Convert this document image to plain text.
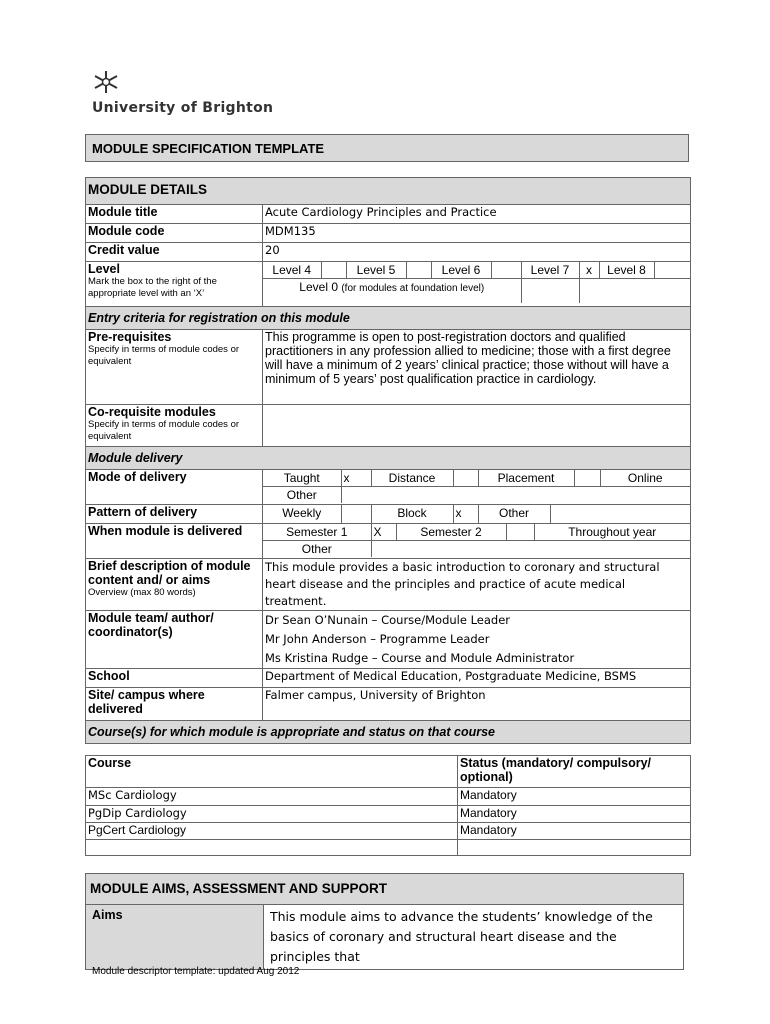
University of Brighton
MODULE SPECIFICATION TEMPLATE
MODULE DETAILS
Module title	Acute Cardiology Principles and Practice
Module code	MDM135
Credit value	20
Level
Mark the box to the right of the appropriate level with an ‘X’

Level 4		Level 5		Level 6		Level 7	x	Level 8	
Level 0 (for modules at foundation level)		

Entry criteria for registration on this module
Pre-requisites
Specify in terms of module codes or equivalent
	This programme is open to post-registration doctors and qualified practitioners in any profession allied to medicine; those with a first degree will have a minimum of 2 years’ clinical practice; those without will have a minimum of 5 years’ post qualification practice in cardiology.
Co-requisite modules
Specify in terms of module codes or equivalent

Module delivery
Mode of delivery		Taught	x	Distance		Placement		Online
Other	

Pattern of delivery		Weekly		Block	x	Other	

When module is delivered		Semester 1	X	Semester 2		Throughout year
Other	

Brief description of module content and/ or aims
Overview (max 80 words)
	This module provides a basic introduction to coronary and structural heart disease and the principles and practice of acute medical treatment.
Module team/ author/ coordinator(s)	
Dr Sean O’Nunain – Course/Module Leader
Mr John Anderson – Programme Leader
Ms Kristina Rudge – Course and Module Administrator

School	Department of Medical Education, Postgraduate Medicine, BSMS
Site/ campus where delivered	Falmer campus, University of Brighton
Course(s) for which module is appropriate and status on that course
Course	Status (mandatory/ compulsory/ optional)
MSc Cardiology	Mandatory
PgDip Cardiology	Mandatory
PgCert Cardiology	Mandatory

MODULE AIMS, ASSESSMENT AND SUPPORT
Aims	This module aims to advance the students’ knowledge of the basics of coronary and structural heart disease and the principles that
Module descriptor template: updated Aug 2012
